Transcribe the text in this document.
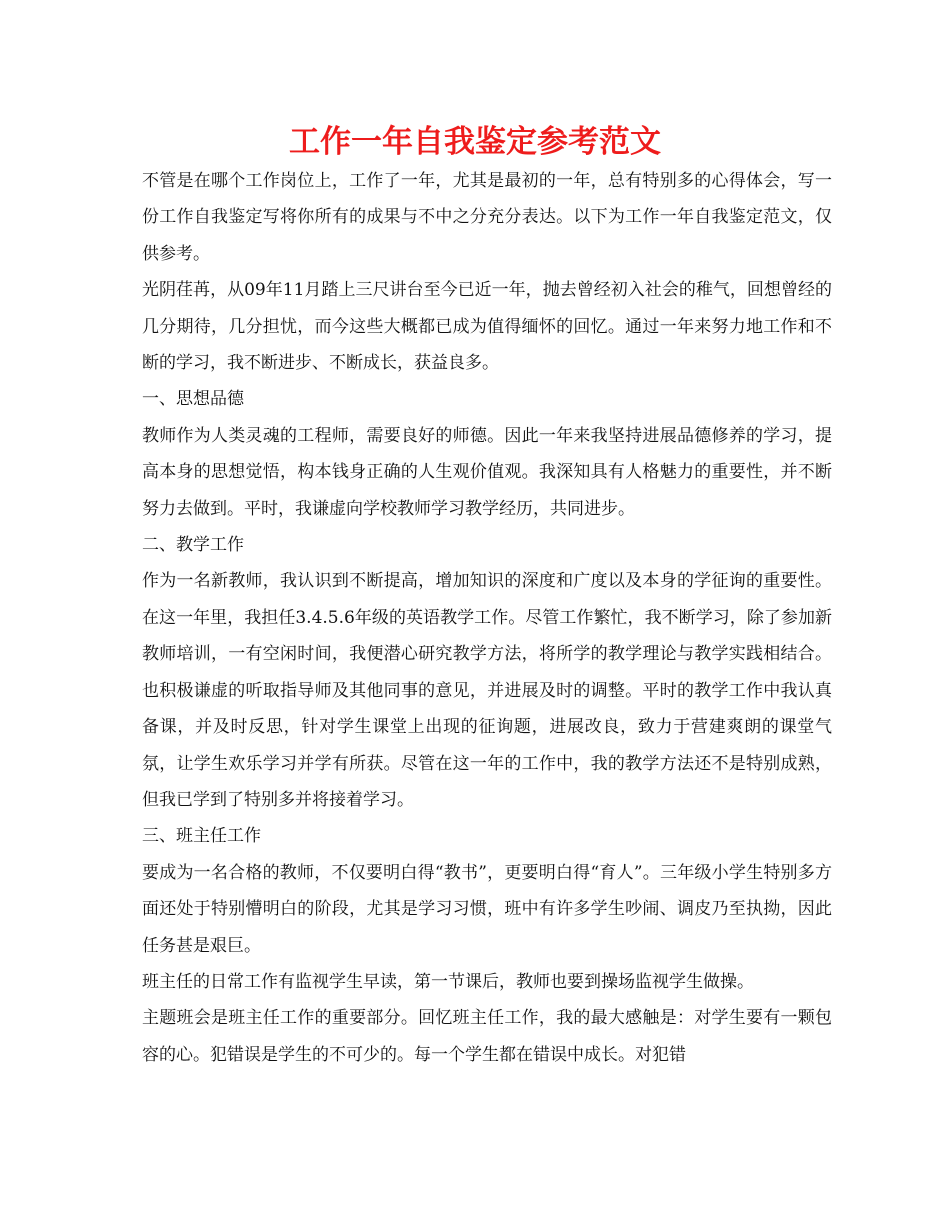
工作一年自我鉴定参考范文

不管是在哪个工作岗位上，工作了一年，尤其是最初的一年，总有特别多的心得体会，写一份工作自我鉴定写将你所有的成果与不中之分充分表达。以下为工作一年自我鉴定范文，仅供参考。

光阴荏苒，从09年11月踏上三尺讲台至今已近一年，抛去曾经初入社会的稚气，回想曾经的几分期待，几分担忧，而今这些大概都已成为值得缅怀的回忆。通过一年来努力地工作和不断的学习，我不断进步、不断成长，获益良多。

一、思想品德

教师作为人类灵魂的工程师，需要良好的师德。因此一年来我坚持进展品德修养的学习，提高本身的思想觉悟，构本钱身正确的人生观价值观。我深知具有人格魅力的重要性，并不断努力去做到。平时，我谦虚向学校教师学习教学经历，共同进步。

二、教学工作

作为一名新教师，我认识到不断提高，增加知识的深度和广度以及本身的学征询的重要性。在这一年里，我担任3.4.5.6年级的英语教学工作。尽管工作繁忙，我不断学习，除了参加新教师培训，一有空闲时间，我便潜心研究教学方法，将所学的教学理论与教学实践相结合。也积极谦虚的听取指导师及其他同事的意见，并进展及时的调整。平时的教学工作中我认真备课，并及时反思，针对学生课堂上出现的征询题，进展改良，致力于营建爽朗的课堂气氛，让学生欢乐学习并学有所获。尽管在这一年的工作中，我的教学方法还不是特别成熟，但我已学到了特别多并将接着学习。

三、班主任工作

要成为一名合格的教师，不仅要明白得“教书”，更要明白得“育人”。三年级小学生特别多方面还处于特别懵明白的阶段，尤其是学习习惯，班中有许多学生吵闹、调皮乃至执拗，因此任务甚是艰巨。

班主任的日常工作有监视学生早读，第一节课后，教师也要到操场监视学生做操。

主题班会是班主任工作的重要部分。回忆班主任工作，我的最大感触是：对学生要有一颗包容的心。犯错误是学生的不可少的。每一个学生都在错误中成长。对犯错
